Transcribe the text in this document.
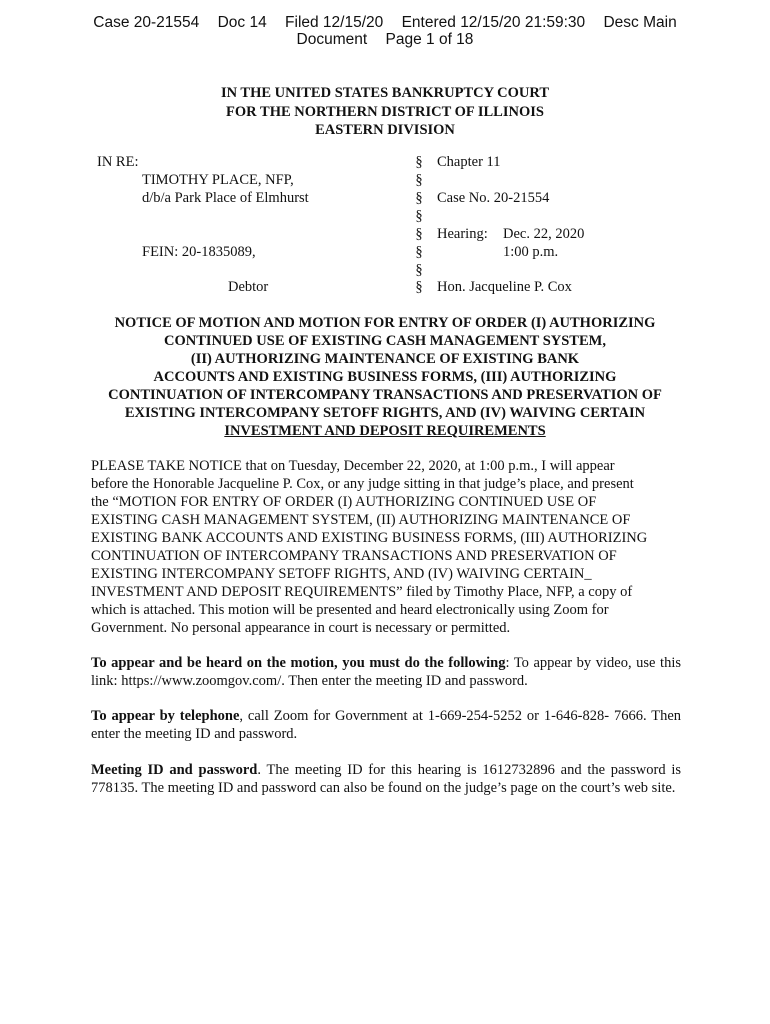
Case 20-21554 Doc 14 Filed 12/15/20 Entered 12/15/20 21:59:30 Desc Main
Document Page 1 of 18
IN THE UNITED STATES BANKRUPTCY COURT
FOR THE NORTHERN DISTRICT OF ILLINOIS
EASTERN DIVISION
IN RE:
TIMOTHY PLACE, NFP,
d/b/a Park Place of Elmhurst
FEIN: 20-1835089,
Debtor
§
§
§
§
§
§
§
§
Chapter 11
Case No. 20-21554
Hearing: Dec. 22, 2020
1:00 p.m.
Hon. Jacqueline P. Cox
NOTICE OF MOTION AND MOTION FOR ENTRY OF ORDER (I) AUTHORIZING
CONTINUED USE OF EXISTING CASH MANAGEMENT SYSTEM,
(II) AUTHORIZING MAINTENANCE OF EXISTING BANK
ACCOUNTS AND EXISTING BUSINESS FORMS, (III) AUTHORIZING
CONTINUATION OF INTERCOMPANY TRANSACTIONS AND PRESERVATION OF
EXISTING INTERCOMPANY SETOFF RIGHTS, AND (IV) WAIVING CERTAIN
INVESTMENT AND DEPOSIT REQUIREMENTS
PLEASE TAKE NOTICE that on Tuesday, December 22, 2020, at 1:00 p.m., I will appear
before the Honorable Jacqueline P. Cox, or any judge sitting in that judge’s place, and present
the “MOTION FOR ENTRY OF ORDER (I) AUTHORIZING CONTINUED USE OF
EXISTING CASH MANAGEMENT SYSTEM, (II) AUTHORIZING MAINTENANCE OF
EXISTING BANK ACCOUNTS AND EXISTING BUSINESS FORMS, (III) AUTHORIZING
CONTINUATION OF INTERCOMPANY TRANSACTIONS AND PRESERVATION OF
EXISTING INTERCOMPANY SETOFF RIGHTS, AND (IV) WAIVING CERTAIN_
INVESTMENT AND DEPOSIT REQUIREMENTS” filed by Timothy Place, NFP, a copy of
which is attached. This motion will be presented and heard electronically using Zoom for
Government. No personal appearance in court is necessary or permitted.

To appear and be heard on the motion, you must do the following: To appear by video, use this link: https://www.zoomgov.com/. Then enter the meeting ID and password.

To appear by telephone, call Zoom for Government at 1-669-254-5252 or 1-646-828- 7666. Then enter the meeting ID and password.

Meeting ID and password. The meeting ID for this hearing is 1612732896 and the password is 778135. The meeting ID and password can also be found on the judge’s page on the court’s web site.
